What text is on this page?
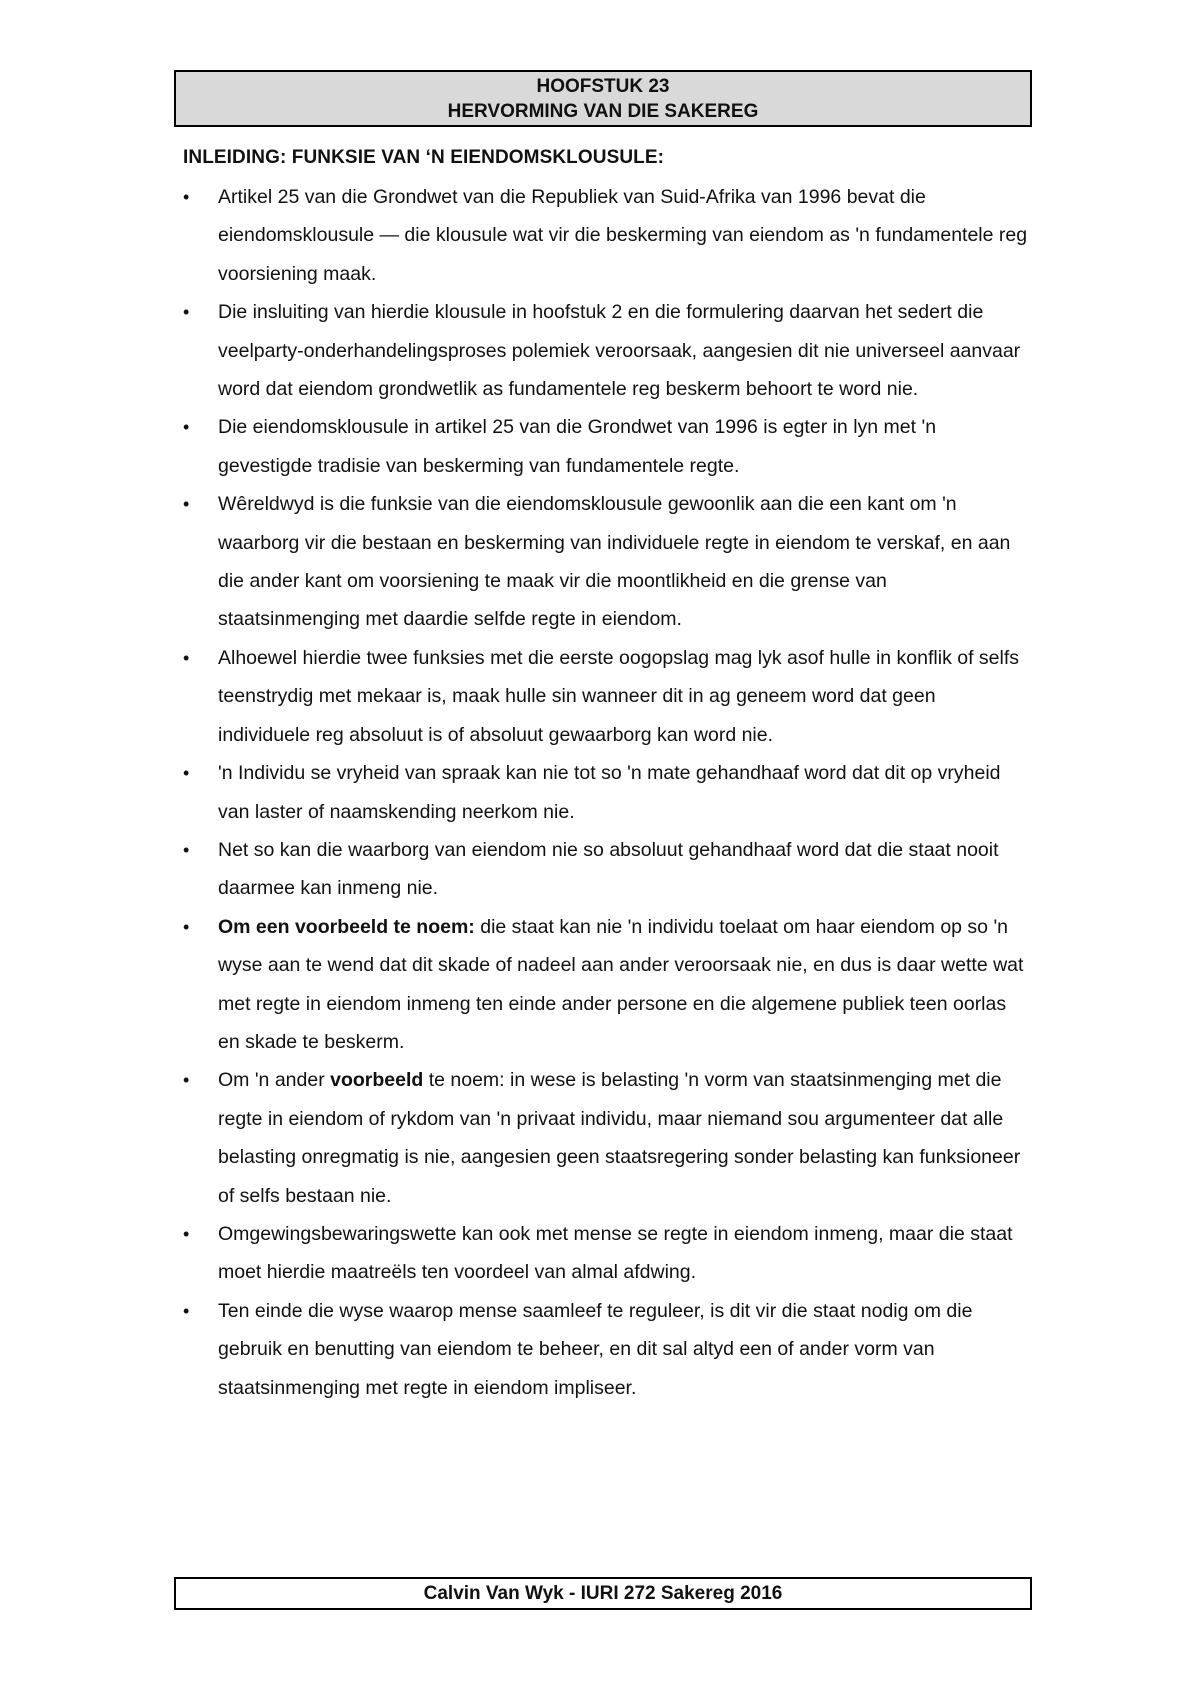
HOOFSTUK 23
HERVORMING VAN DIE SAKEREG
INLEIDING: FUNKSIE VAN ‘N EIENDOMSKLOUSULE:
•	Artikel 25 van die Grondwet van die Republiek van Suid-Afrika van 1996 bevat die eiendomsklousule — die klousule wat vir die beskerming van eiendom as 'n fundamentele reg voorsiening maak.
•	Die insluiting van hierdie klousule in hoofstuk 2 en die formulering daarvan het sedert die veelparty-onderhandelingsproses polemiek veroorsaak, aangesien dit nie universeel aanvaar word dat eiendom grondwetlik as fundamentele reg beskerm behoort te word nie.
•	Die eiendomsklousule in artikel 25 van die Grondwet van 1996 is egter in lyn met 'n gevestigde tradisie van beskerming van fundamentele regte.
•	Wêreldwyd is die funksie van die eiendomsklousule gewoonlik aan die een kant om 'n waarborg vir die bestaan en beskerming van individuele regte in eiendom te verskaf, en aan die ander kant om voorsiening te maak vir die moontlikheid en die grense van staatsinmenging met daardie selfde regte in eiendom.
•	Alhoewel hierdie twee funksies met die eerste oogopslag mag lyk asof hulle in konflik of selfs teenstrydig met mekaar is, maak hulle sin wanneer dit in ag geneem word dat geen individuele reg absoluut is of absoluut gewaarborg kan word nie.
•	'n Individu se vryheid van spraak kan nie tot so 'n mate gehandhaaf word dat dit op vryheid van laster of naamskending neerkom nie.
•	Net so kan die waarborg van eiendom nie so absoluut gehandhaaf word dat die staat nooit daarmee kan inmeng nie.
•	Om een voorbeeld te noem: die staat kan nie 'n individu toelaat om haar eiendom op so 'n wyse aan te wend dat dit skade of nadeel aan ander veroorsaak nie, en dus is daar wette wat met regte in eiendom inmeng ten einde ander persone en die algemene publiek teen oorlas en skade te beskerm.
•	Om 'n ander voorbeeld te noem: in wese is belasting 'n vorm van staatsinmenging met die regte in eiendom of rykdom van 'n privaat individu, maar niemand sou argumenteer dat alle belasting onregmatig is nie, aangesien geen staatsregering sonder belasting kan funksioneer of selfs bestaan nie.
•	Omgewingsbewaringswette kan ook met mense se regte in eiendom inmeng, maar die staat moet hierdie maatreëls ten voordeel van almal afdwing.
•	Ten einde die wyse waarop mense saamleef te reguleer, is dit vir die staat nodig om die gebruik en benutting van eiendom te beheer, en dit sal altyd een of ander vorm van staatsinmenging met regte in eiendom impliseer.
Calvin Van Wyk - IURI 272 Sakereg 2016
